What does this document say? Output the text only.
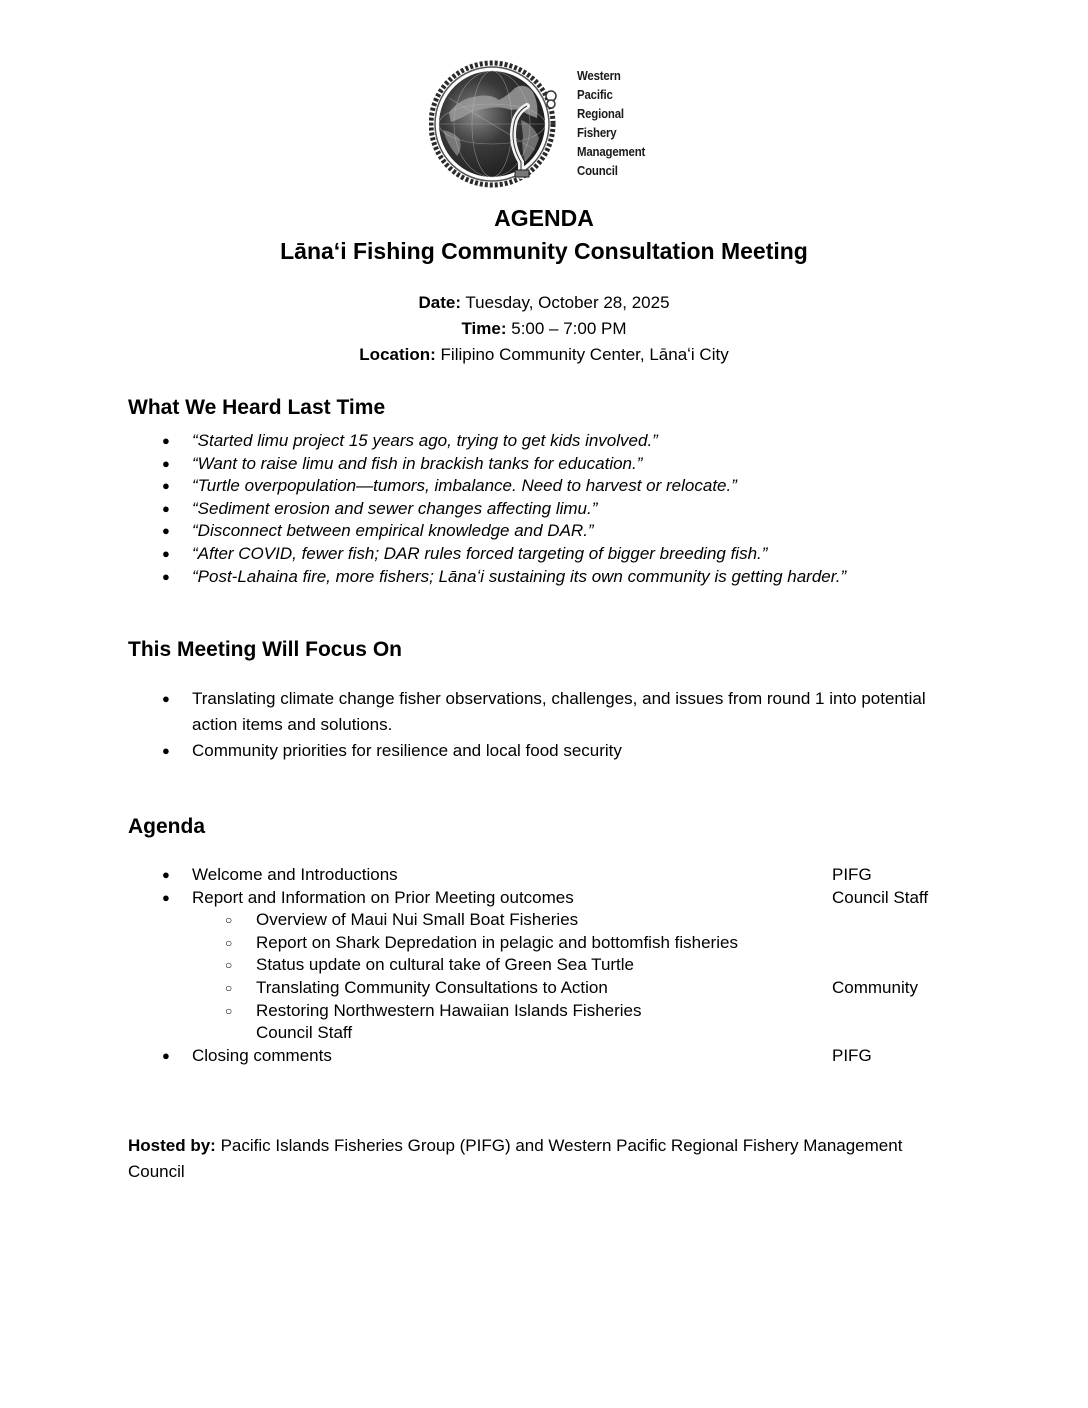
Western
Pacific
Regional
Fishery
Management
Council
AGENDA
Lānaʻi Fishing Community Consultation Meeting
Date: Tuesday, October 28, 2025
Time: 5:00 – 7:00 PM
Location: Filipino Community Center, Lānaʻi City
What We Heard Last Time
● “Started limu project 15 years ago, trying to get kids involved.”
● “Want to raise limu and fish in brackish tanks for education.”
● “Turtle overpopulation—tumors, imbalance. Need to harvest or relocate.”
● “Sediment erosion and sewer changes affecting limu.”
● “Disconnect between empirical knowledge and DAR.”
● “After COVID, fewer fish; DAR rules forced targeting of bigger breeding fish.”
● “Post-Lahaina fire, more fishers; Lānaʻi sustaining its own community is getting harder.”
This Meeting Will Focus On
● Translating climate change fisher observations, challenges, and issues from round 1 into potential action items and solutions.
● Community priorities for resilience and local food security
Agenda
● Welcome and Introductions	PIFG
● Report and Information on Prior Meeting outcomes	Council Staff
○ Overview of Maui Nui Small Boat Fisheries
○ Report on Shark Depredation in pelagic and bottomfish fisheries
○ Status update on cultural take of Green Sea Turtle
○ Translating Community Consultations to Action	Community
○ Restoring Northwestern Hawaiian Islands Fisheries
Council Staff
● Closing comments	PIFG
Hosted by: Pacific Islands Fisheries Group (PIFG) and Western Pacific Regional Fishery Management Council
